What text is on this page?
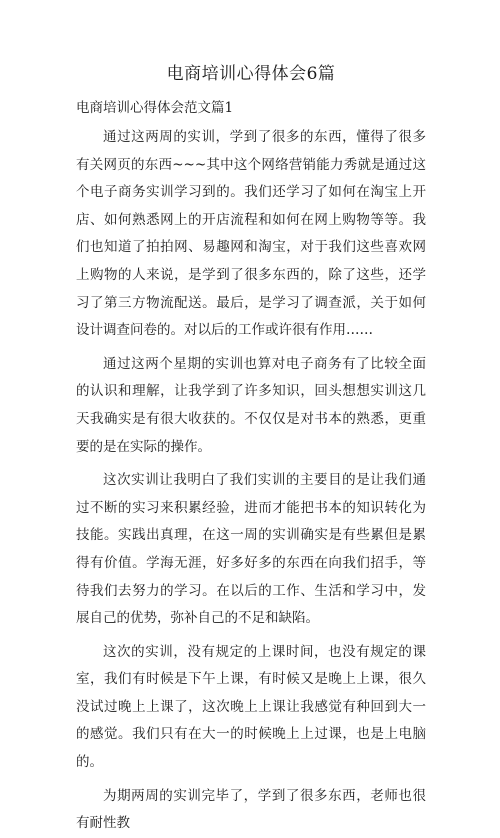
电商培训心得体会6篇
电商培训心得体会范文篇1

通过这两周的实训，学到了很多的东西，懂得了很多有关网页的东西~~~其中这个网络营销能力秀就是通过这个电子商务实训学习到的。我们还学习了如何在淘宝上开店、如何熟悉网上的开店流程和如何在网上购物等等。我们也知道了拍拍网、易趣网和淘宝，对于我们这些喜欢网上购物的人来说，是学到了很多东西的，除了这些，还学习了第三方物流配送。最后，是学习了调查派，关于如何设计调查问卷的。对以后的工作或许很有作用……

通过这两个星期的实训也算对电子商务有了比较全面的认识和理解，让我学到了许多知识，回头想想实训这几天我确实是有很大收获的。不仅仅是对书本的熟悉，更重要的是在实际的操作。

这次实训让我明白了我们实训的主要目的是让我们通过不断的实习来积累经验，进而才能把书本的知识转化为技能。实践出真理，在这一周的实训确实是有些累但是累得有价值。学海无涯，好多好多的东西在向我们招手，等待我们去努力的学习。在以后的工作、生活和学习中，发展自己的优势，弥补自己的不足和缺陷。

这次的实训，没有规定的上课时间，也没有规定的课室，我们有时候是下午上课，有时候又是晚上上课，很久没试过晚上上课了，这次晚上上课让我感觉有种回到大一的感觉。我们只有在大一的时候晚上上过课，也是上电脑的。

为期两周的实训完毕了，学到了很多东西，老师也很有耐性教
